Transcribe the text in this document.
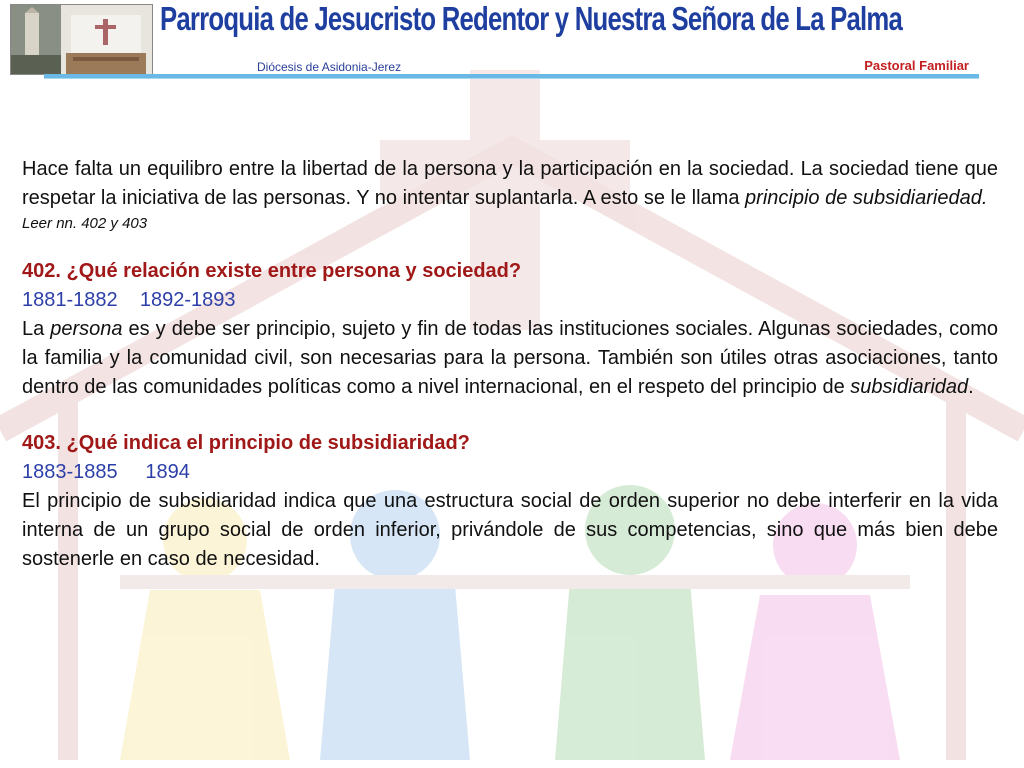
Parroquia de Jesucristo Redentor y Nuestra Señora de La Palma
Diócesis de Asidonia-Jerez	Pastoral Familiar

Hace falta un equilibro entre la libertad de la persona y la participación en la sociedad. La sociedad tiene que respetar la iniciativa de las personas. Y no intentar suplantarla. A esto se le llama principio de subsidiariedad.

Leer nn. 402 y 403

402. ¿Qué relación existe entre persona y sociedad?

1881-1882    1892-1893

La persona es y debe ser principio, sujeto y fin de todas las instituciones sociales. Algunas sociedades, como la familia y la comunidad civil, son necesarias para la persona. También son útiles otras asociaciones, tanto dentro de las comunidades políticas como a nivel internacional, en el respeto del principio de subsidiaridad.

403. ¿Qué indica el principio de subsidiaridad?

1883-1885     1894

El principio de subsidiaridad indica que una estructura social de orden superior no debe interferir en la vida interna de un grupo social de orden inferior, privándole de sus competencias, sino que más bien debe sostenerle en caso de necesidad.
